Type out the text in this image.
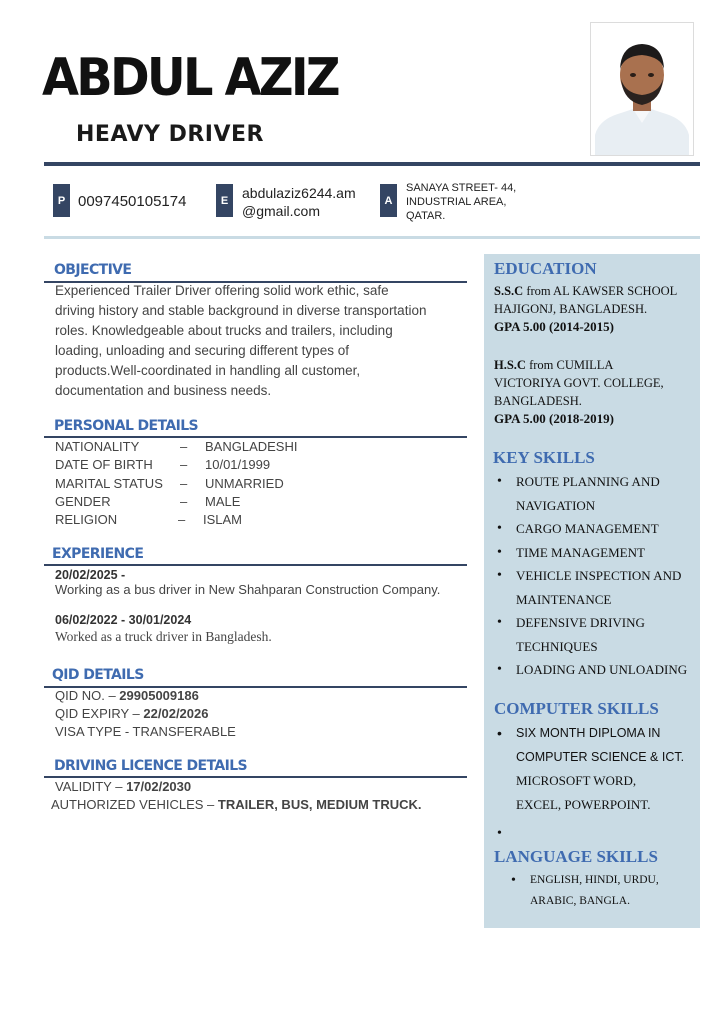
ABDUL AZIZ
HEAVY DRIVER
P 0097450105174	E abdulaziz6244.am
@gmail.com
A
SANAYA STREET- 44,
INDUSTRIAL AREA,
QATAR.
OBJECTIVE
Experienced Trailer Driver offering solid work ethic, safe
driving history and stable background in diverse transportation
roles. Knowledgeable about trucks and trailers, including
loading, unloading and securing different types of
products.Well-coordinated in handling all customer,
documentation and business needs.
PERSONAL DETAILS
NATIONALITY	– BANGLADESHI
DATE OF BIRTH – 10/01/1999
MARITAL STATUS – UNMARRIED
GENDER	– MALE
RELIGION	– ISLAM
EXPERIENCE
20/02/2025 -
Working as a bus driver in New Shahparan Construction Company.
06/02/2022 - 30/01/2024
Worked as a truck driver in Bangladesh.
QID DETAILS
QID NO. – 29905009186
QID EXPIRY – 22/02/2026
VISA TYPE - TRANSFERABLE
DRIVING LICENCE DETAILS
VALIDITY – 17/02/2030
AUTHORIZED VEHICLES – TRAILER, BUS, MEDIUM TRUCK.
EDUCATION
S.S.C from AL KAWSER SCHOOL
HAJIGONJ, BANGLADESH.
GPA 5.00 (2014-2015)
H.S.C from CUMILLA
VICTORIYA GOVT. COLLEGE,
BANGLADESH.
GPA 5.00 (2018-2019)
KEY SKILLS
• ROUTE PLANNING AND NAVIGATION
• CARGO MANAGEMENT
• TIME MANAGEMENT
• VEHICLE INSPECTION AND MAINTENANCE
• DEFENSIVE DRIVING TECHNIQUES
• LOADING AND UNLOADING
COMPUTER SKILLS
• SIX MONTH DIPLOMA IN
COMPUTER SCIENCE & ICT.
MICROSOFT WORD,
EXCEL, POWERPOINT.
LANGUAGE SKILLS
• ENGLISH, HINDI, URDU,
ARABIC, BANGLA.
